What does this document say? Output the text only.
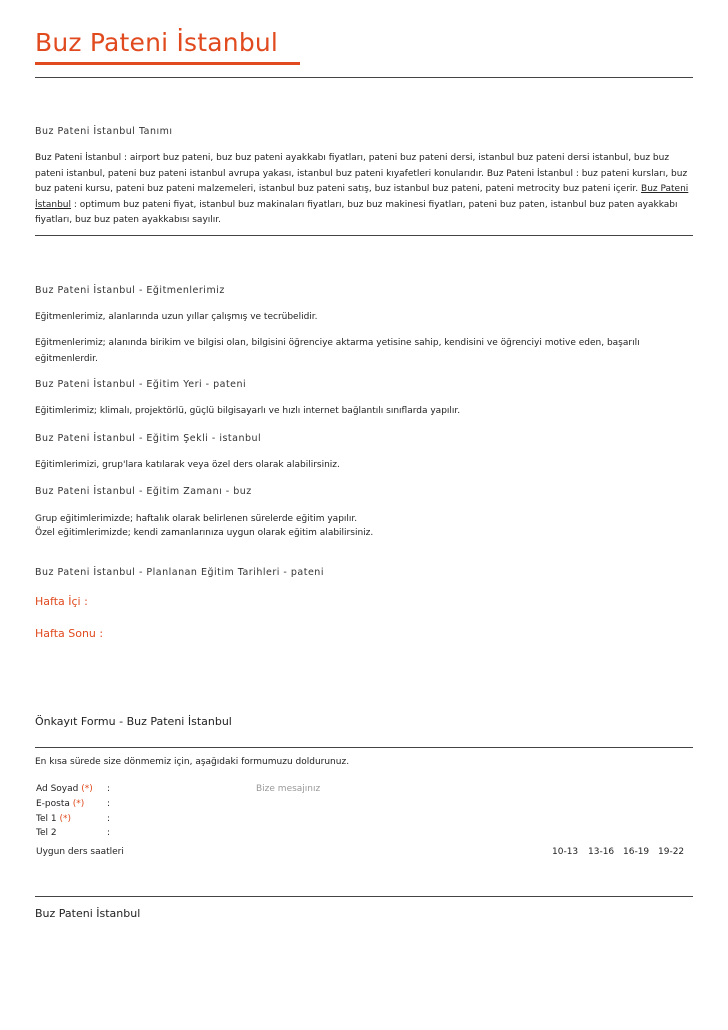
Buz Pateni İstanbul
Buz Pateni İstanbul Tanımı
Buz Pateni İstanbul : airport buz pateni, buz buz pateni ayakkabı fiyatları, pateni buz pateni dersi, istanbul buz pateni dersi istanbul, buz buz pateni istanbul, pateni buz pateni istanbul avrupa yakası, istanbul buz pateni kıyafetleri konularıdır. Buz Pateni İstanbul : buz pateni kursları, buz buz pateni kursu, pateni buz pateni malzemeleri, istanbul buz pateni satış, buz istanbul buz pateni, pateni metrocity buz pateni içerir. Buz Pateni İstanbul : optimum buz pateni fiyat, istanbul buz makinaları fiyatları, buz buz makinesi fiyatları, pateni buz paten, istanbul buz paten ayakkabı fiyatları, buz buz paten ayakkabısı sayılır.
Buz Pateni İstanbul - Eğitmenlerimiz
Eğitmenlerimiz, alanlarında uzun yıllar çalışmış ve tecrübelidir.
Eğitmenlerimiz; alanında birikim ve bilgisi olan, bilgisini öğrenciye aktarma yetisine sahip, kendisini ve öğrenciyi motive eden, başarılı eğitmenlerdir.
Buz Pateni İstanbul - Eğitim Yeri - pateni
Eğitimlerimiz; klimalı, projektörlü, güçlü bilgisayarlı ve hızlı internet bağlantılı sınıflarda yapılır.
Buz Pateni İstanbul - Eğitim Şekli - istanbul
Eğitimlerimizi, grup'lara katılarak veya özel ders olarak alabilirsiniz.
Buz Pateni İstanbul - Eğitim Zamanı - buz
Grup eğitimlerimizde; haftalık olarak belirlenen sürelerde eğitim yapılır.
Özel eğitimlerimizde; kendi zamanlarınıza uygun olarak eğitim alabilirsiniz.
Buz Pateni İstanbul - Planlanan Eğitim Tarihleri - pateni
Hafta İçi :
Hafta Sonu :
Önkayıt Formu - Buz Pateni İstanbul
En kısa sürede size dönmemiz için, aşağıdaki formumuzu doldurunuz.
Ad Soyad (*) :
E-posta (*)	:
Tel 1 (*)	:
Tel 2	:
Bize mesajınız
Uygun ders saatleri	10-13 13-16 16-19 19-22
Buz Pateni İstanbul
